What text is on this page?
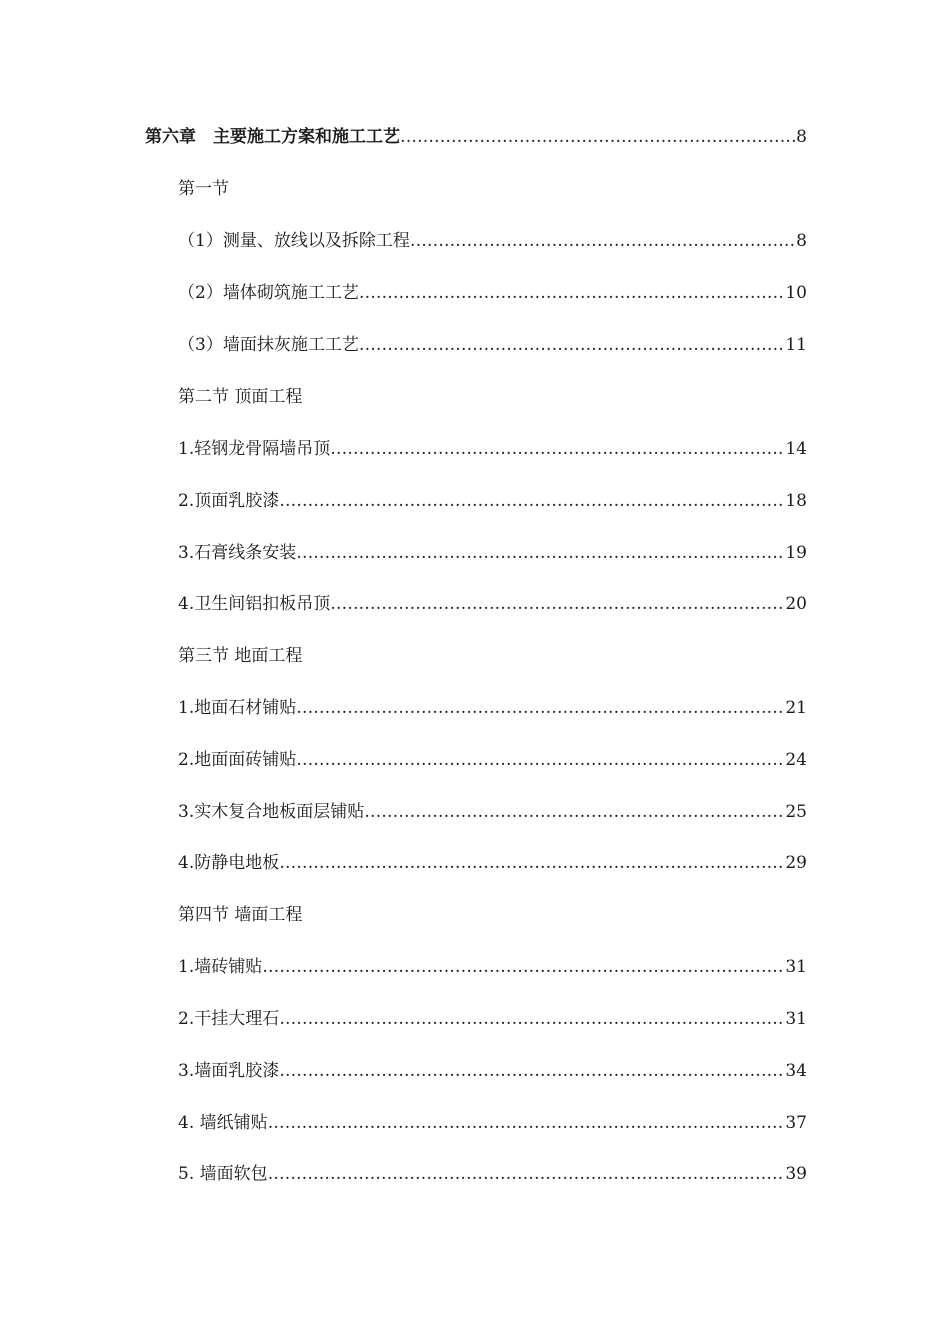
第六章　主要施工方案和施工工艺 ……………………………………………………………………………………………………………………………………………………………………	8
第一节
（1）测量、放线以及拆除工程 ……………………………………………………………………………………………………………………………………………………………………	8
（2）墙体砌筑施工工艺 ……………………………………………………………………………………………………………………………………………………………………	10
（3）墙面抹灰施工工艺 ……………………………………………………………………………………………………………………………………………………………………	11
第二节 顶面工程
1.轻钢龙骨隔墙吊顶 ……………………………………………………………………………………………………………………………………………………………………	14
2.顶面乳胶漆 ……………………………………………………………………………………………………………………………………………………………………	18
3.石膏线条安装 ……………………………………………………………………………………………………………………………………………………………………	19
4.卫生间铝扣板吊顶 ……………………………………………………………………………………………………………………………………………………………………	20
第三节 地面工程
1.地面石材铺贴 ……………………………………………………………………………………………………………………………………………………………………	21
2.地面面砖铺贴 ……………………………………………………………………………………………………………………………………………………………………	24
3.实木复合地板面层铺贴 ……………………………………………………………………………………………………………………………………………………………………	25
4.防静电地板 ……………………………………………………………………………………………………………………………………………………………………	29
第四节 墙面工程
1.墙砖铺贴 ……………………………………………………………………………………………………………………………………………………………………	31
2.干挂大理石 ……………………………………………………………………………………………………………………………………………………………………	31
3.墙面乳胶漆 ……………………………………………………………………………………………………………………………………………………………………	34
4. 墙纸铺贴 ……………………………………………………………………………………………………………………………………………………………………	37
5. 墙面软包 ……………………………………………………………………………………………………………………………………………………………………	39
